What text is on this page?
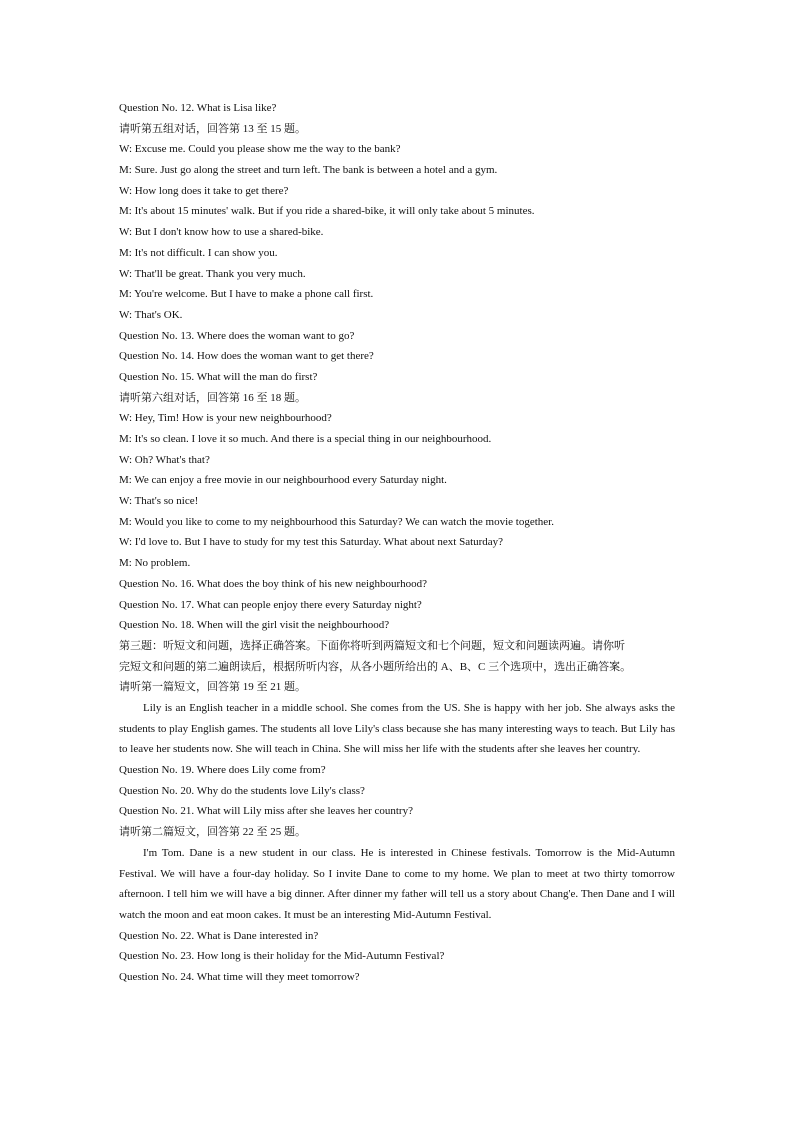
Question No. 12. What is Lisa like?
请听第五组对话，回答第 13 至 15 题。
W: Excuse me. Could you please show me the way to the bank?
M: Sure. Just go along the street and turn left. The bank is between a hotel and a gym.
W: How long does it take to get there?
M: It's about 15 minutes' walk. But if you ride a shared-bike, it will only take about 5 minutes.
W: But I don't know how to use a shared-bike.
M: It's not difficult. I can show you.
W: That'll be great. Thank you very much.
M: You're welcome. But I have to make a phone call first.
W: That's OK.
Question No. 13. Where does the woman want to go?
Question No. 14. How does the woman want to get there?
Question No. 15. What will the man do first?
请听第六组对话，回答第 16 至 18 题。
W: Hey, Tim! How is your new neighbourhood?
M: It's so clean. I love it so much. And there is a special thing in our neighbourhood.
W: Oh? What's that?
M: We can enjoy a free movie in our neighbourhood every Saturday night.
W: That's so nice!
M: Would you like to come to my neighbourhood this Saturday? We can watch the movie together.
W: I'd love to. But I have to study for my test this Saturday. What about next Saturday?
M: No problem.
Question No. 16. What does the boy think of his new neighbourhood?
Question No. 17. What can people enjoy there every Saturday night?
Question No. 18. When will the girl visit the neighbourhood?
第三题：听短文和问题，选择正确答案。下面你将听到两篇短文和七个问题，短文和问题读两遍。请你听
完短文和问题的第二遍朗读后，根据所听内容，从各小题所给出的 A、B、C 三个选项中，选出正确答案。
请听第一篇短文，回答第 19 至 21 题。

Lily is an English teacher in a middle school. She comes from the US. She is happy with her job. She always asks the students to play English games. The students all love Lily's class because she has many interesting ways to teach. But Lily has to leave her students now. She will teach in China. She will miss her life with the students after she leaves her country.

Question No. 19. Where does Lily come from?
Question No. 20. Why do the students love Lily's class?
Question No. 21. What will Lily miss after she leaves her country?
请听第二篇短文，回答第 22 至 25 题。

I'm Tom. Dane is a new student in our class. He is interested in Chinese festivals. Tomorrow is the Mid-Autumn Festival. We will have a four-day holiday. So I invite Dane to come to my home. We plan to meet at two thirty tomorrow afternoon. I tell him we will have a big dinner. After dinner my father will tell us a story about Chang'e. Then Dane and I will watch the moon and eat moon cakes. It must be an interesting Mid-Autumn Festival.

Question No. 22. What is Dane interested in?
Question No. 23. How long is their holiday for the Mid-Autumn Festival?
Question No. 24. What time will they meet tomorrow?
